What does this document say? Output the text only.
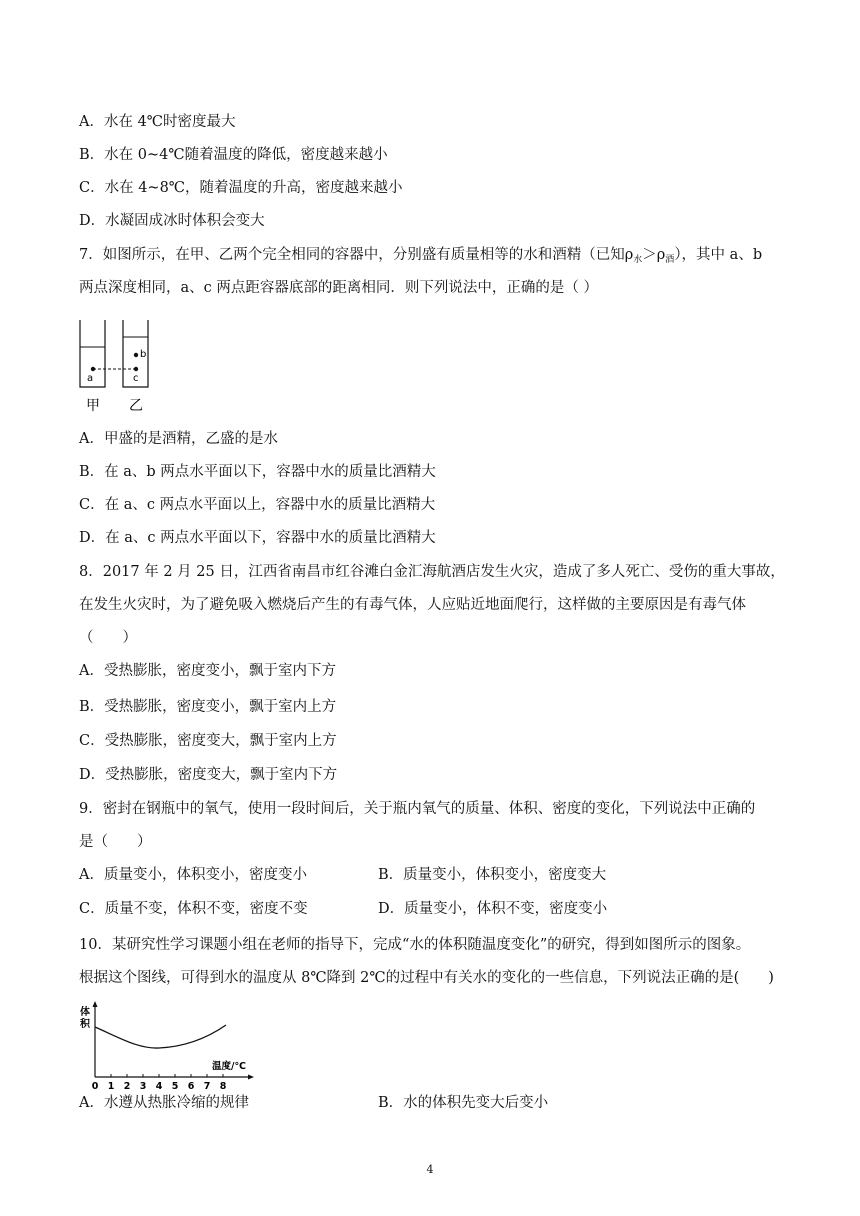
A．水在 4℃时密度最大
B．水在 0~4℃随着温度的降低，密度越来越小
C．水在 4~8℃，随着温度的升高，密度越来越小
D．水凝固成冰时体积会变大
7．如图所示，在甲、乙两个完全相同的容器中，分别盛有质量相等的水和酒精（已知$\rho_水>\rho_酒$），其中 a、b
两点深度相同，a、c 两点距容器底部的距离相同．则下列说法中，正确的是（ ）
a
b
c
甲 乙
A．甲盛的是酒精，乙盛的是水
B．在 a、b 两点水平面以下，容器中水的质量比酒精大
C．在 a、c 两点水平面以上，容器中水的质量比酒精大
D．在 a、c 两点水平面以下，容器中水的质量比酒精大
8．2017 年 2 月 25 日，江西省南昌市红谷滩白金汇海航酒店发生火灾，造成了多人死亡、受伤的重大事故，
在发生火灾时，为了避免吸入燃烧后产生的有毒气体，人应贴近地面爬行，这样做的主要原因是有毒气体
（　　）
A．受热膨胀，密度变小，飘于室内下方
B．受热膨胀，密度变小，飘于室内上方
C．受热膨胀，密度变大，飘于室内上方
D．受热膨胀，密度变大，飘于室内下方
9．密封在钢瓶中的氧气，使用一段时间后，关于瓶内氧气的质量、体积、密度的变化，下列说法中正确的
是（　　）
A．质量变小，体积变小，密度变小	B．质量变小，体积变小，密度变大
C．质量不变，体积不变，密度不变	D．质量变小，体积不变，密度变小
10．某研究性学习课题小组在老师的指导下，完成“水的体积随温度变化”的研究，得到如图所示的图象。
根据这个图线，可得到水的温度从 8℃降到 2℃的过程中有关水的变化的一些信息，下列说法正确的是(　　)
体
积
温度/℃
0 1 2 3 4 5 6 7 8
A．水遵从热胀冷缩的规律	B．水的体积先变大后变小
4
